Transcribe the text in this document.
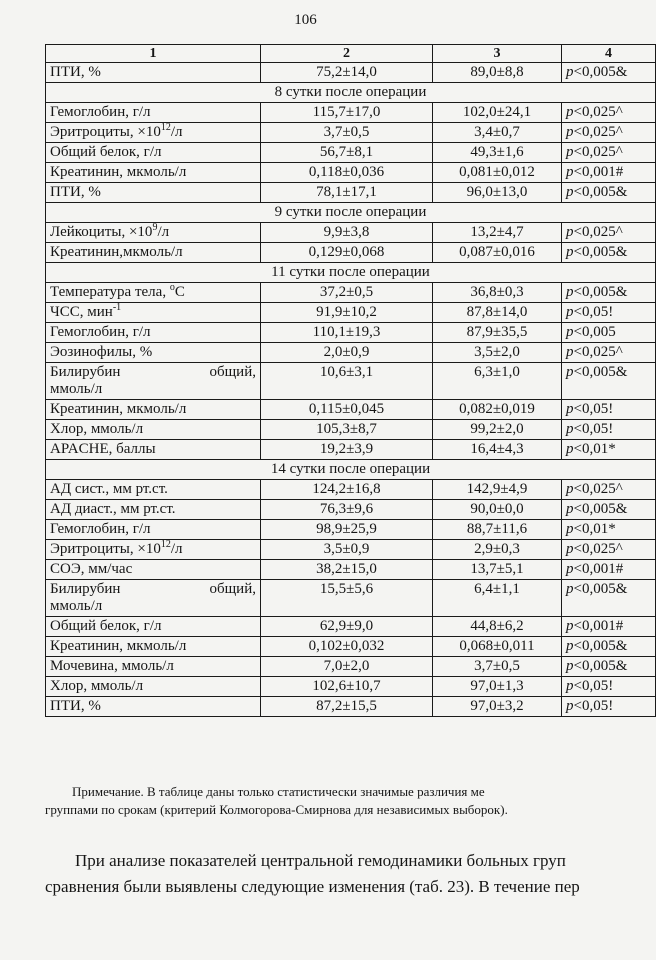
106
1	2	3	4
ПТИ, %	75,2±14,0	89,0±8,8	p<0,005&
8 сутки после операции			
Гемоглобин, г/л	115,7±17,0	102,0±24,1	p<0,025^
Эритроциты, $\times 10^{12}/л$	3,7±0,5	3,4±0,7	p<0,025^
Общий белок, г/л	56,7±8,1	49,3±1,6	p<0,025^
Креатинин, мкмоль/л	0,118±0,036	0,081±0,012	p<0,001#
ПТИ, %	78,1±17,1	96,0±13,0	p<0,005&
9 сутки после операции			
Лейкоциты, $\times 10^9/л$	9,9±3,8	13,2±4,7	p<0,025^
Креатинин,мкмоль/л	0,129±0,068	0,087±0,016	p<0,005&
11 сутки после операции			
Температура тела, $^o$C	37,2±0,5	36,8±0,3	p<0,005&
ЧСС, мин$^{-1}$	91,9±10,2	87,8±14,0	p<0,05!
Гемоглобин, г/л	110,1±19,3	87,9±35,5	p<0,005
Эозинофилы, %	2,0±0,9	3,5±2,0	p<0,025^

Билирубин общий,
ммоль/л	10,6±3,1	6,3±1,0	p<0,005&
Креатинин, мкмоль/л	0,115±0,045	0,082±0,019	p<0,05!
Хлор, ммоль/л	105,3±8,7	99,2±2,0	p<0,05!
APACHE, баллы	19,2±3,9	16,4±4,3	p<0,01*
14 сутки после операции			
АД сист., мм рт.ст.	124,2±16,8	142,9±4,9	p<0,025^
АД диаст., мм рт.ст.	76,3±9,6	90,0±0,0	p<0,005&
Гемоглобин, г/л	98,9±25,9	88,7±11,6	p<0,01*
Эритроциты, $\times 10^{12}/л$	3,5±0,9	2,9±0,3	p<0,025^
СОЭ, мм/час	38,2±15,0	13,7±5,1	p<0,001#

Билирубин общий,
ммоль/л	15,5±5,6	6,4±1,1	p<0,005&
Общий белок, г/л	62,9±9,0	44,8±6,2	p<0,001#
Креатинин, мкмоль/л	0,102±0,032	0,068±0,011	p<0,005&
Мочевина, ммоль/л	7,0±2,0	3,7±0,5	p<0,005&
Хлор, ммоль/л	102,6±10,7	97,0±1,3	p<0,05!
ПТИ, %	87,2±15,5	97,0±3,2	p<0,05!
Примечание. В таблице даны только статистически значимые различия ме
группами по срокам (критерий Колмогорова-Смирнова для независимых выборок).
При анализе показателей центральной гемодинамики больных груп
сравнения были выявлены следующие изменения (таб. 23). В течение пер
